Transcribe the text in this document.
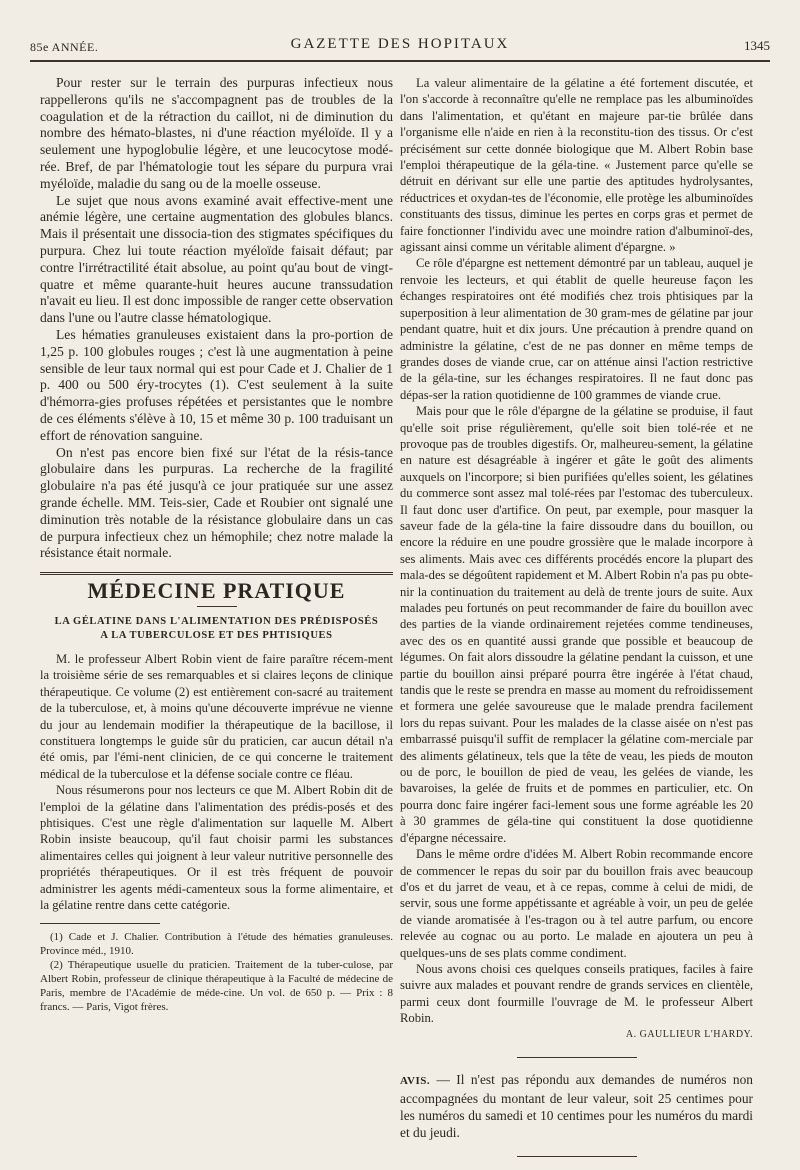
85e ANNÉE.	GAZETTE DES HOPITAUX	1345

Pour rester sur le terrain des purpuras infectieux nous rappellerons qu'ils ne s'accompagnent pas de troubles de la coagulation et de la rétraction du caillot, ni de diminution du nombre des hémato-blastes, ni d'une réaction myéloïde. Il y a seulement une hypoglobulie légère, et une leucocytose modé-rée. Bref, de par l'hématologie tout les sépare du purpura vrai myéloïde, maladie du sang ou de la moelle osseuse.

Le sujet que nous avons examiné avait effective-ment une anémie légère, une certaine augmentation des globules blancs. Mais il présentait une dissocia-tion des stigmates spécifiques du purpura. Chez lui toute réaction myéloïde faisait défaut; par contre l'irrétractilité était absolue, au point qu'au bout de vingt-quatre et même quarante-huit heures aucune transsudation n'avait eu lieu. Il est donc impossible de ranger cette observation dans l'une ou l'autre classe hématologique.

Les hématies granuleuses existaient dans la pro-portion de 1,25 p. 100 globules rouges ; c'est là une augmentation à peine sensible de leur taux normal qui est pour Cade et J. Chalier de 1 p. 400 ou 500 éry-trocytes (1). C'est seulement à la suite d'hémorra-gies profuses répétées et persistantes que le nombre de ces éléments s'élève à 10, 15 et même 30 p. 100 traduisant un effort de rénovation sanguine.

On n'est pas encore bien fixé sur l'état de la résis-tance globulaire dans les purpuras. La recherche de la fragilité globulaire n'a pas été jusqu'à ce jour pratiquée sur une assez grande échelle. MM. Teis-sier, Cade et Roubier ont signalé une diminution très notable de la résistance globulaire dans un cas de purpura infectieux chez un hémophile; chez notre malade la résistance était normale.

MÉDECINE PRATIQUE
LA GÉLATINE DANS L'ALIMENTATION DES PRÉDISPOSÉS
A LA TUBERCULOSE ET DES PHTISIQUES

M. le professeur Albert Robin vient de faire paraître récem-ment la troisième série de ses remarquables et si claires leçons de clinique thérapeutique. Ce volume (2) est entièrement con-sacré au traitement de la tuberculose, et, à moins qu'une découverte imprévue ne vienne du jour au lendemain modifier la thérapeutique de la bacillose, il constituera longtemps le guide sûr du praticien, car aucun détail n'a été omis, par l'émi-nent clinicien, de ce qui concerne le traitement médical de la tuberculose et la défense sociale contre ce fléau.

Nous résumerons pour nos lecteurs ce que M. Albert Robin dit de l'emploi de la gélatine dans l'alimentation des prédis-posés et des phtisiques. C'est une règle d'alimentation sur laquelle M. Albert Robin insiste beaucoup, qu'il faut choisir parmi les substances alimentaires celles qui joignent à leur valeur nutritive personnelle des propriétés thérapeutiques. Or il est très fréquent de pouvoir administrer les agents médi-camenteux sous la forme alimentaire, et la gélatine rentre dans cette catégorie.

(1) Cade et J. Chalier. Contribution à l'étude des hématies granuleuses. Province méd., 1910.

(2) Thérapeutique usuelle du praticien. Traitement de la tuber-culose, par Albert Robin, professeur de clinique thérapeutique à la Faculté de médecine de Paris, membre de l'Académie de méde-cine. Un vol. de 650 p. — Prix : 8 francs. — Paris, Vigot frères.

La valeur alimentaire de la gélatine a été fortement discutée, et l'on s'accorde à reconnaître qu'elle ne remplace pas les albuminoïdes dans l'alimentation, et qu'étant en majeure par-tie brûlée dans l'organisme elle n'aide en rien à la reconstitu-tion des tissus. Or c'est précisément sur cette donnée biologique que M. Albert Robin base l'emploi thérapeutique de la géla-tine. « Justement parce qu'elle se détruit en dérivant sur elle une partie des aptitudes hydrolysantes, réductrices et oxydan-tes de l'économie, elle protège les albuminoïdes constituants des tissus, diminue les pertes en corps gras et permet de faire fonctionner l'individu avec une moindre ration d'albuminoï-des, agissant ainsi comme un véritable aliment d'épargne. »

Ce rôle d'épargne est nettement démontré par un tableau, auquel je renvoie les lecteurs, et qui établit de quelle heureuse façon les échanges respiratoires ont été modifiés chez trois phtisiques par la superposition à leur alimentation de 30 gram-mes de gélatine par jour pendant quatre, huit et dix jours. Une précaution à prendre quand on administre la gélatine, c'est de ne pas donner en même temps de grandes doses de viande crue, car on atténue ainsi l'action restrictive de la géla-tine, sur les échanges respiratoires. Il ne faut donc pas dépas-ser la ration quotidienne de 100 grammes de viande crue.

Mais pour que le rôle d'épargne de la gélatine se produise, il faut qu'elle soit prise régulièrement, qu'elle soit bien tolé-rée et ne provoque pas de troubles digestifs. Or, malheureu-sement, la gélatine en nature est désagréable à ingérer et gâte le goût des aliments auxquels on l'incorpore; si bien purifiées qu'elles soient, les gélatines du commerce sont assez mal tolé-rées par l'estomac des tuberculeux. Il faut donc user d'artifice. On peut, par exemple, pour masquer la saveur fade de la géla-tine la faire dissoudre dans du bouillon, ou encore la réduire en une poudre grossière que le malade incorpore à ses aliments. Mais avec ces différents procédés encore la plupart des mala-des se dégoûtent rapidement et M. Albert Robin n'a pas pu obte-nir la continuation du traitement au delà de trente jours de suite. Aux malades peu fortunés on peut recommander de faire du bouillon avec des parties de la viande ordinairement rejetées comme tendineuses, avec des os en quantité aussi grande que possible et beaucoup de légumes. On fait alors dissoudre la gélatine pendant la cuisson, et une partie du bouillon ainsi préparé pourra être ingérée à l'état chaud, tandis que le reste se prendra en masse au moment du refroidissement et formera une gelée savoureuse que le malade prendra facilement lors du repas suivant. Pour les malades de la classe aisée on n'est pas embarrassé puisqu'il suffit de remplacer la gélatine com-merciale par des aliments gélatineux, tels que la tête de veau, les pieds de mouton ou de porc, le bouillon de pied de veau, les gelées de viande, les bavaroises, la gelée de fruits et de pommes en particulier, etc. On pourra donc faire ingérer faci-lement sous une forme agréable les 20 à 30 grammes de géla-tine qui constituent la dose quotidienne d'épargne nécessaire.

Dans le même ordre d'idées M. Albert Robin recommande encore de commencer le repas du soir par du bouillon frais avec beaucoup d'os et du jarret de veau, et à ce repas, comme à celui de midi, de servir, sous une forme appétissante et agréable à voir, un peu de gelée de viande aromatisée à l'es-tragon ou à tel autre parfum, ou encore relevée au cognac ou au porto. Le malade en ajoutera un peu à quelques-uns de ses plats comme condiment.

Nous avons choisi ces quelques conseils pratiques, faciles à faire suivre aux malades et pouvant rendre de grands services en clientèle, parmi ceux dont fourmille l'ouvrage de M. le professeur Albert Robin.

A. GAULLIEUR L'HARDY.
AVIS. — Il n'est pas répondu aux demandes de numéros non accompagnées du montant de leur valeur, soit 25 centimes pour les numéros du samedi et 10 centimes pour les numéros du mardi et du jeudi.
